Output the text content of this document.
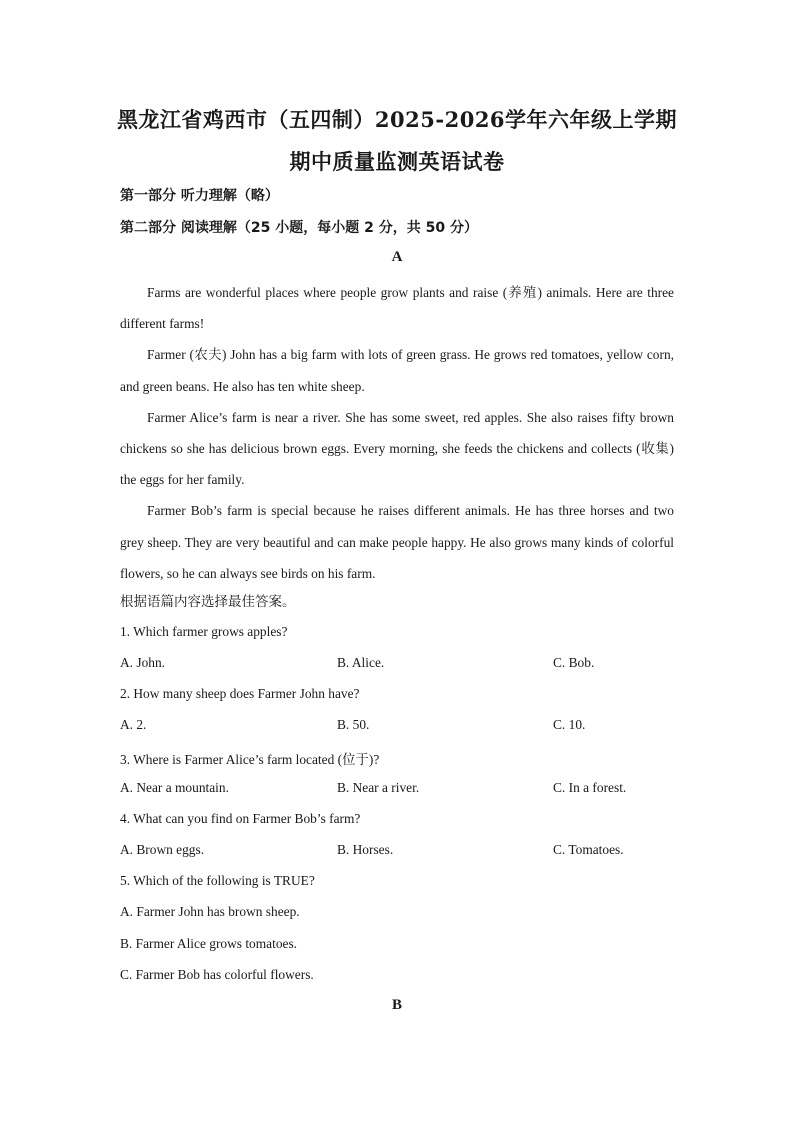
黑龙江省鸡西市（五四制）2025-2026学年六年级上学期
期中质量监测英语试卷
第一部分 听力理解（略）
第二部分 阅读理解（25 小题，每小题 2 分，共 50 分）
A

Farms are wonderful places where people grow plants and raise (养殖) animals. Here are three different farms!

Farmer (农夫) John has a big farm with lots of green grass. He grows red tomatoes, yellow corn, and green beans. He also has ten white sheep.

Farmer Alice’s farm is near a river. She has some sweet, red apples. She also raises fifty brown chickens so she has delicious brown eggs. Every morning, she feeds the chickens and collects (收集) the eggs for her family.

Farmer Bob’s farm is special because he raises different animals. He has three horses and two grey sheep. They are very beautiful and can make people happy. He also grows many kinds of colorful flowers, so he can always see birds on his farm.

根据语篇内容选择最佳答案。
1. Which farmer grows apples?
A. John.	B. Alice.	C. Bob.
2. How many sheep does Farmer John have?
A. 2.	B. 50.	C. 10.
3. Where is Farmer Alice’s farm located (位于)?
A. Near a mountain.	B. Near a river.	C. In a forest.
4. What can you find on Farmer Bob’s farm?
A. Brown eggs.	B. Horses.	C. Tomatoes.
5. Which of the following is TRUE?
A. Farmer John has brown sheep.
B. Farmer Alice grows tomatoes.
C. Farmer Bob has colorful flowers.
B
